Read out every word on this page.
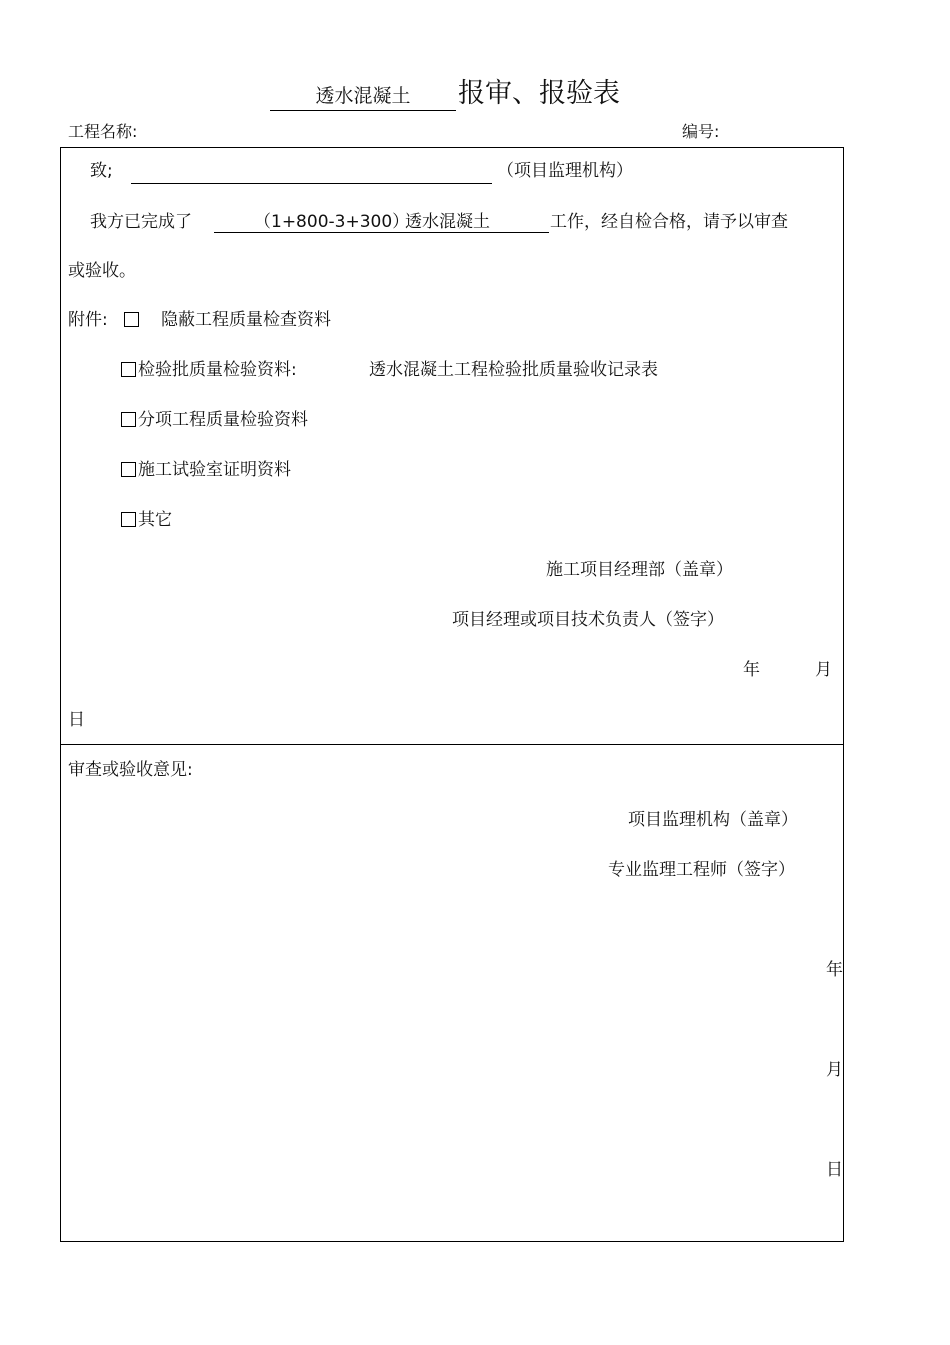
透水混凝土	报审、报验表
工程名称:	编号:
致;	（项目监理机构）
我方已完成了	（1+800-3+300）
透水混凝土	工作，经自检合格，请予以审查
或验收。
附件:	隐蔽工程质量检查资料
检验批质量检验资料:	透水混凝土工程检验批质量验收记录表
分项工程质量检验资料
施工试验室证明资料
其它
施工项目经理部（盖章）
项目经理或项目技术负责人（签字）
年	月
日
审查或验收意见:
项目监理机构（盖章）
专业监理工程师（签字）
年
月
日
